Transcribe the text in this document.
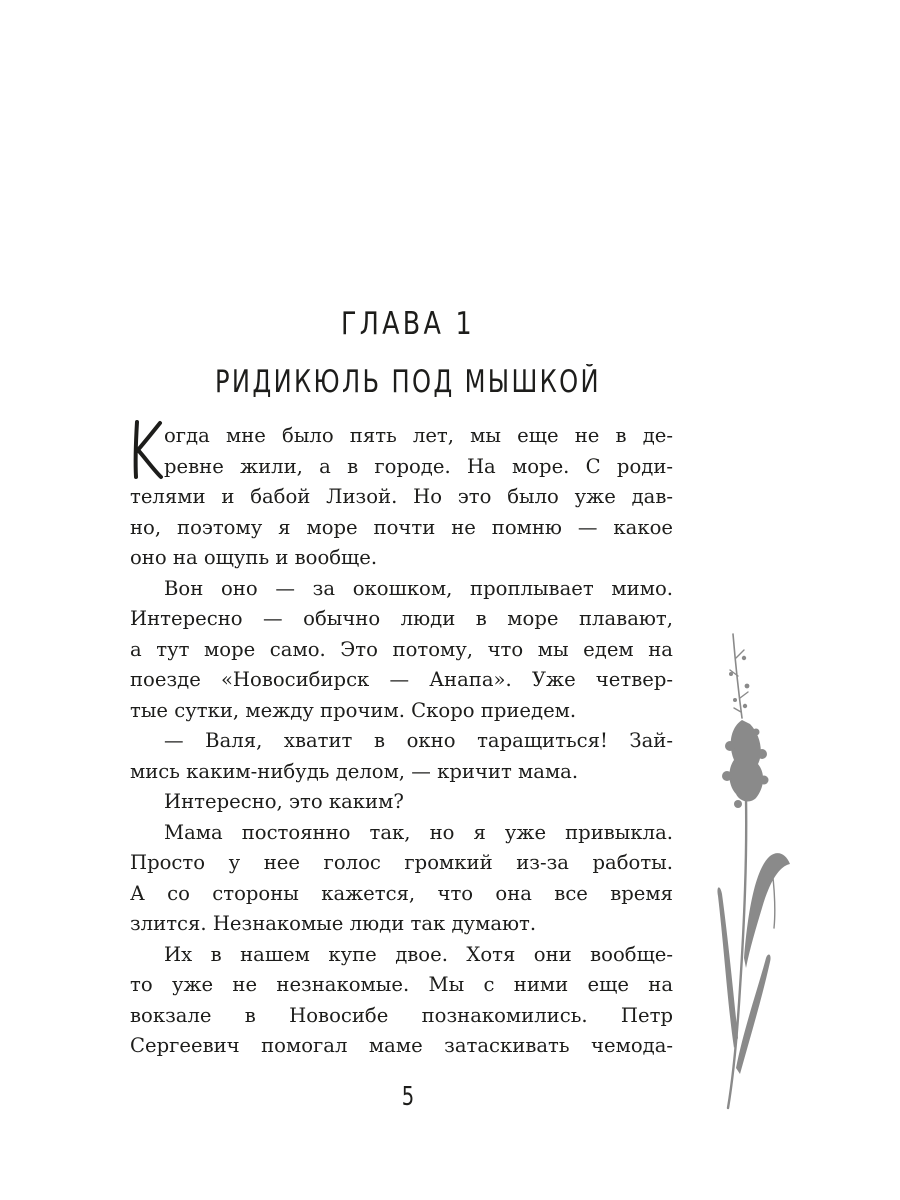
ГЛАВА 1
РИДИКЮЛЬ ПОД МЫШКОЙ
огда мне было пять лет, мы еще не в де-
ревне жили, а в городе. На море. С роди-
телями и бабой Лизой. Но это было уже дав-
но, поэтому я море почти не помню — какое
оно на ощупь и вообще.
Вон оно — за окошком, проплывает мимо.
Интересно — обычно люди в море плавают,
а тут море само. Это потому, что мы едем на
поезде «Новосибирск — Анапа». Уже четвер-
тые сутки, между прочим. Скоро приедем.
— Валя, хватит в окно таращиться! Зай-
мись каким-нибудь делом, — кричит мама.
Интересно, это каким?
Мама постоянно так, но я уже привыкла.
Просто у нее голос громкий из-за работы.
А со стороны кажется, что она все время
злится. Незнакомые люди так думают.
Их в нашем купе двое. Хотя они вообще-
то уже не незнакомые. Мы с ними еще на
вокзале в Новосибе познакомились. Петр
Сергеевич помогал маме затаскивать чемода-
5
